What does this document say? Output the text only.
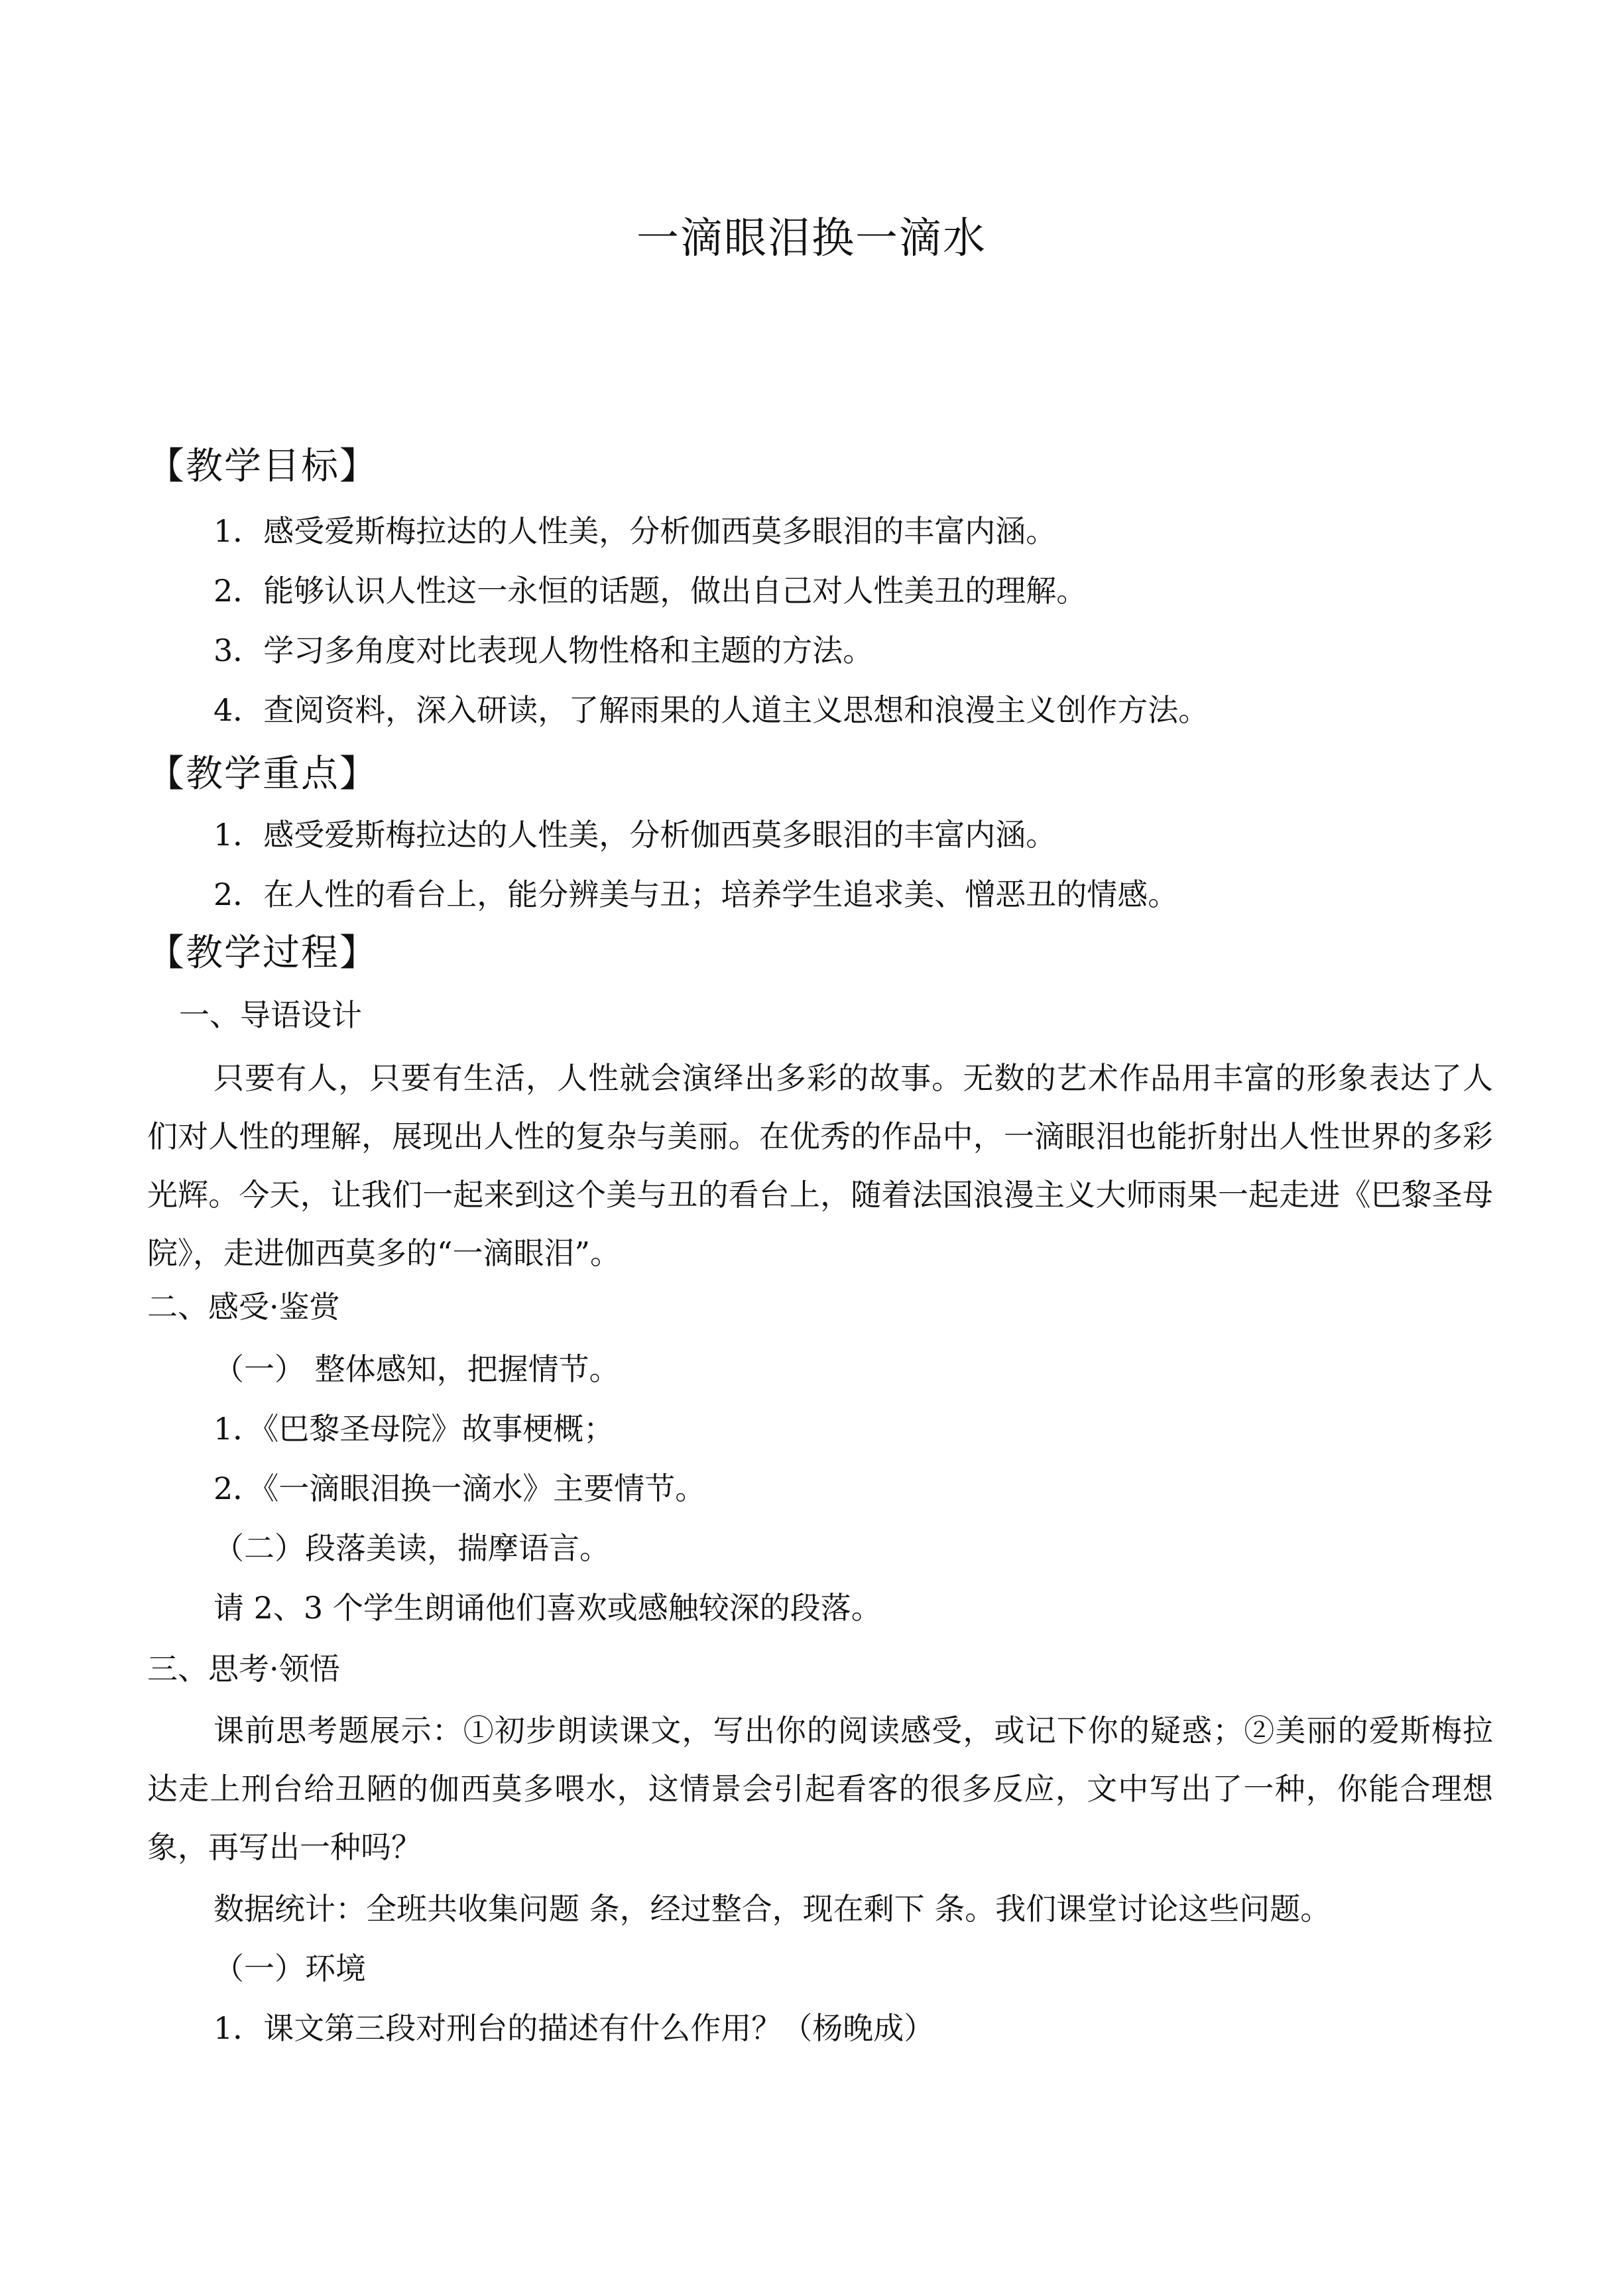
一滴眼泪换一滴水
【教学目标】
1．感受爱斯梅拉达的人性美，分析伽西莫多眼泪的丰富内涵。
2．能够认识人性这一永恒的话题，做出自己对人性美丑的理解。
3．学习多角度对比表现人物性格和主题的方法。
4．查阅资料，深入研读，了解雨果的人道主义思想和浪漫主义创作方法。
【教学重点】
1．感受爱斯梅拉达的人性美，分析伽西莫多眼泪的丰富内涵。
2．在人性的看台上，能分辨美与丑；培养学生追求美、憎恶丑的情感。
【教学过程】
一、导语设计
只要有人，只要有生活，人性就会演绎出多彩的故事。无数的艺术作品用丰富的形象表达了人们对人性的理解，展现出人性的复杂与美丽。在优秀的作品中，一滴眼泪也能折射出人性世界的多彩光辉。今天，让我们一起来到这个美与丑的看台上，随着法国浪漫主义大师雨果一起走进《巴黎圣母院》，走进伽西莫多的“一滴眼泪”。
二、感受·鉴赏
（一） 整体感知，把握情节。
1．《巴黎圣母院》故事梗概；
2．《一滴眼泪换一滴水》主要情节。
（二）段落美读，揣摩语言。
请 2、3 个学生朗诵他们喜欢或感触较深的段落。
三、思考·领悟
课前思考题展示：①初步朗读课文，写出你的阅读感受，或记下你的疑惑；②美丽的爱斯梅拉达走上刑台给丑陋的伽西莫多喂水，这情景会引起看客的很多反应，文中写出了一种，你能合理想象，再写出一种吗？
数据统计：全班共收集问题 条，经过整合，现在剩下 条。我们课堂讨论这些问题。
（一）环境
1．课文第三段对刑台的描述有什么作用？（杨晚成）
